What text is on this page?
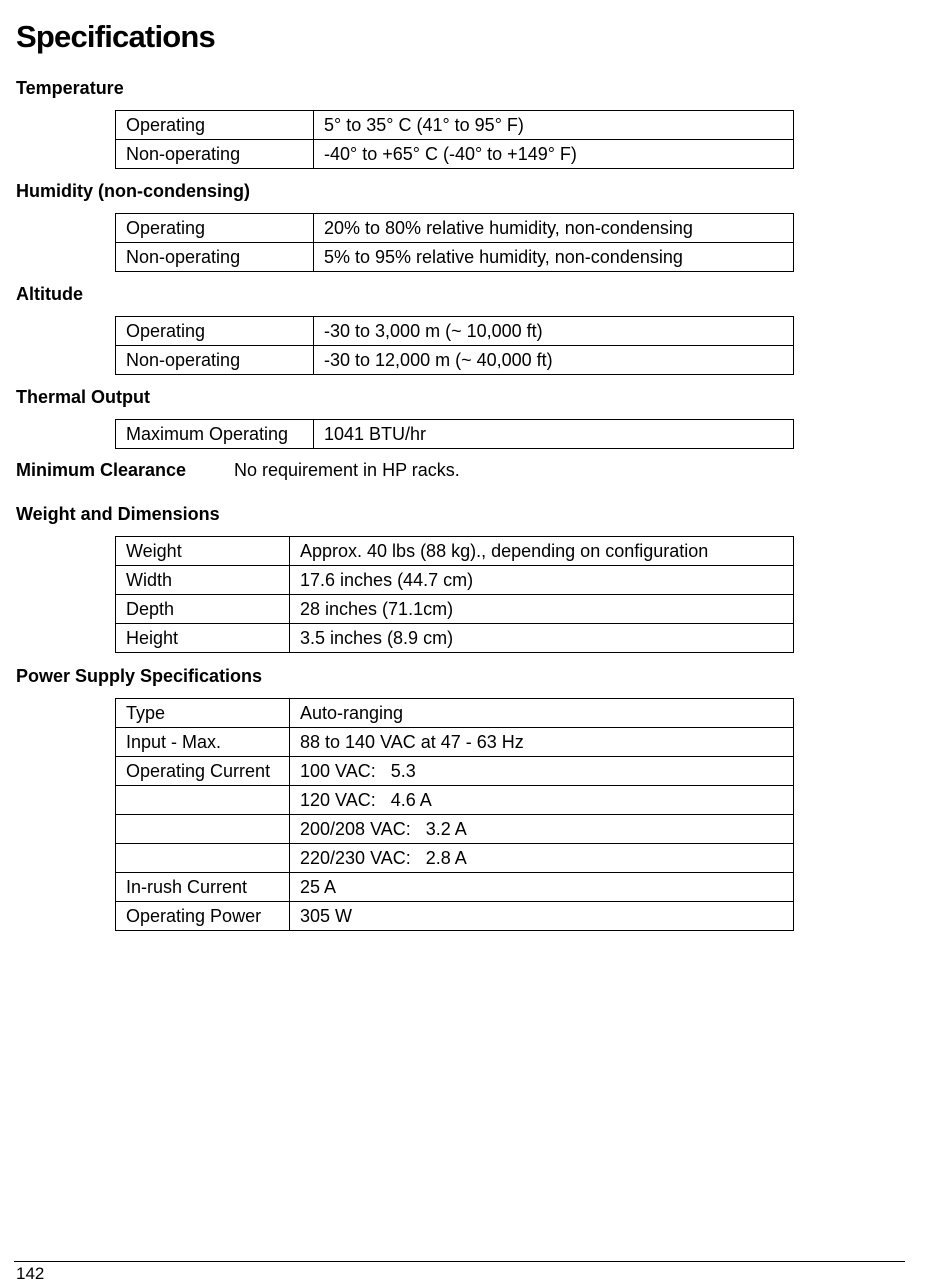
Specifications
Temperature
Operating	5° to 35° C (41° to 95° F)
Non-operating	-40° to +65° C (-40° to +149° F)
Humidity (non-condensing)
Operating	20% to 80% relative humidity, non-condensing
Non-operating	5% to 95% relative humidity, non-condensing
Altitude
Operating	-30 to 3,000 m (~ 10,000 ft)
Non-operating	-30 to 12,000 m (~ 40,000 ft)
Thermal Output
Maximum Operating	1041 BTU/hr
Minimum Clearance	No requirement in HP racks.
Weight and Dimensions
Weight	Approx. 40 lbs (88 kg)., depending on configuration
Width	17.6 inches (44.7 cm)
Depth	28 inches (71.1cm)
Height	3.5 inches (8.9 cm)
Power Supply Specifications
Type	Auto-ranging
Input - Max.	88 to 140 VAC at 47 - 63 Hz
Operating Current	100 VAC:   5.3
	120 VAC:   4.6 A
	200/208 VAC:   3.2 A
	220/230 VAC:   2.8 A
In-rush Current	25 A
Operating Power	305 W
142
